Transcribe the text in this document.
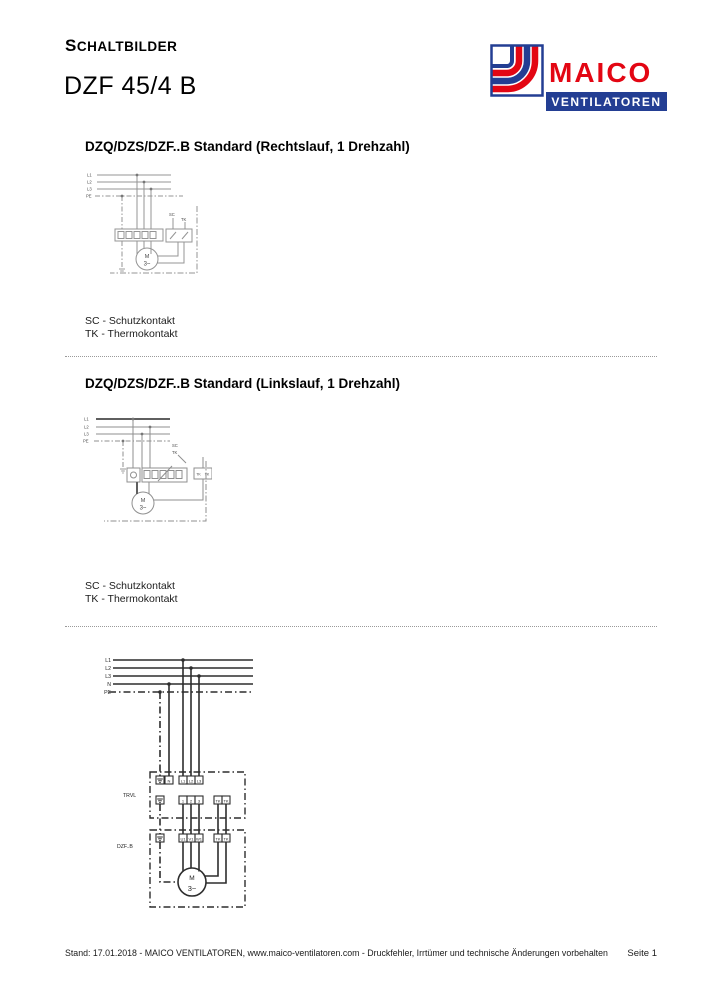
SCHALTBILDER
DZF 45/4 B	MAICO
VENTILATOREN
DZQ/DZS/DZF..B Standard (Rechtslauf, 1 Drehzahl)
L1
L2
L3
PE
SC
TK
M
3~
SC - Schutzkontakt
TK - Thermokontakt
DZQ/DZS/DZF..B Standard (Linkslauf, 1 Drehzahl)
L1
L2
L3
PE
SC
TK
TK TK
M
3~
SC - Schutzkontakt
TK - Thermokontakt
L1
L2
L3
N
PE
TRVL
DZF..B
N	L1 L2 L3
1 2 3	TK TK
U1 V1 W1	TK TK
M
3~
Stand: 17.01.2018 - MAICO VENTILATOREN, www.maico-ventilatoren.com - Druckfehler, Irrtümer und technische Änderungen vorbehalten Seite 1
